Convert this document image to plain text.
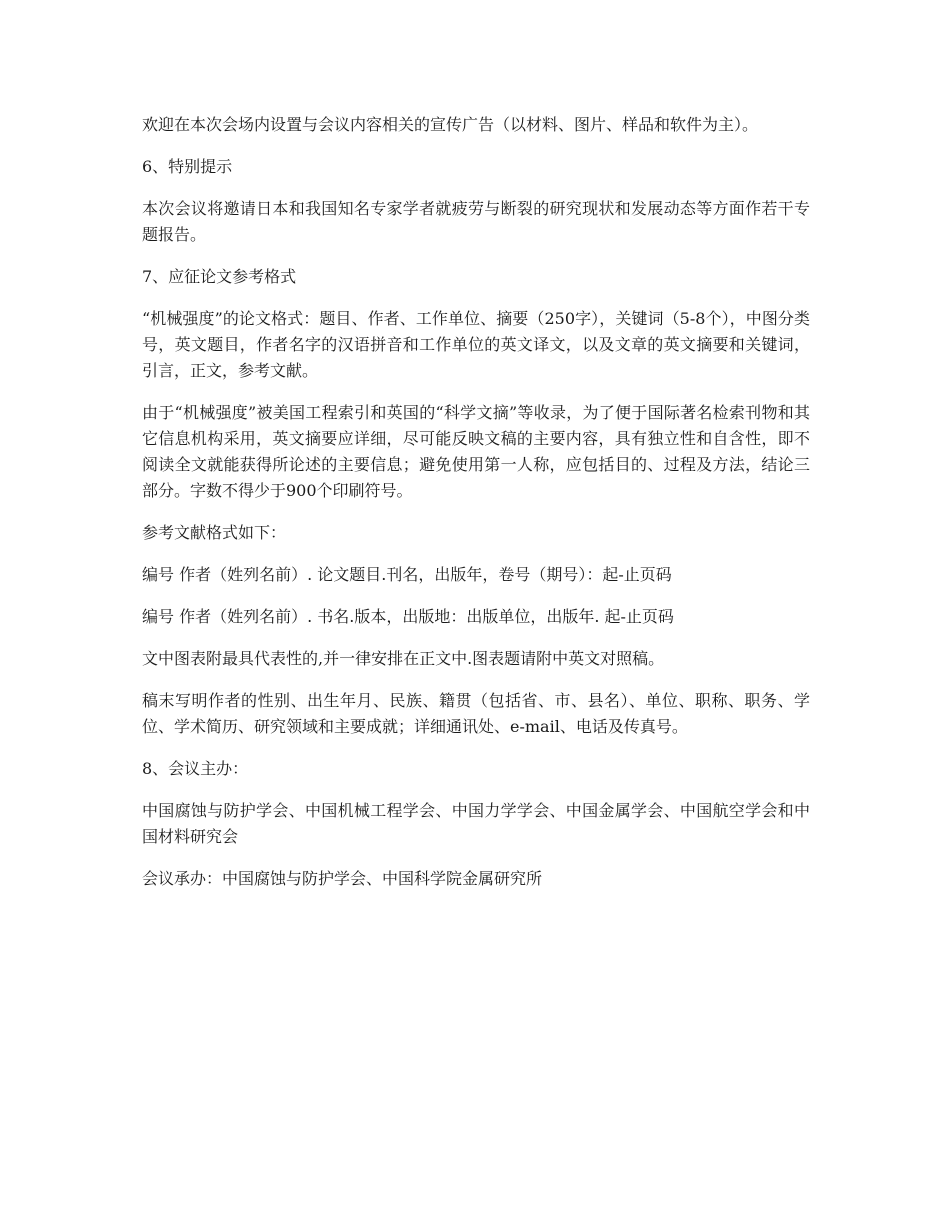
欢迎在本次会场内设置与会议内容相关的宣传广告（以材料、图片、样品和软件为主）。

6、特别提示

本次会议将邀请日本和我国知名专家学者就疲劳与断裂的研究现状和发展动态等方面作若干专题报告。

7、应征论文参考格式

“机械强度”的论文格式：题目、作者、工作单位、摘要（250字），关键词（5-8个），中图分类号，英文题目，作者名字的汉语拼音和工作单位的英文译文，以及文章的英文摘要和关键词，引言，正文，参考文献。

由于“机械强度”被美国工程索引和英国的“科学文摘”等收录，为了便于国际著名检索刊物和其它信息机构采用，英文摘要应详细，尽可能反映文稿的主要内容，具有独立性和自含性，即不阅读全文就能获得所论述的主要信息；避免使用第一人称，应包括目的、过程及方法，结论三部分。字数不得少于900个印刷符号。

参考文献格式如下：

编号 作者（姓列名前）. 论文题目.刊名，出版年，卷号（期号）：起-止页码

编号 作者（姓列名前）. 书名.版本，出版地：出版单位，出版年. 起-止页码

文中图表附最具代表性的,并一律安排在正文中.图表题请附中英文对照稿。

稿末写明作者的性别、出生年月、民族、籍贯（包括省、市、县名）、单位、职称、职务、学位、学术简历、研究领域和主要成就；详细通讯处、e-mail、电话及传真号。

8、会议主办：

中国腐蚀与防护学会、中国机械工程学会、中国力学学会、中国金属学会、中国航空学会和中国材料研究会

会议承办：中国腐蚀与防护学会、中国科学院金属研究所
